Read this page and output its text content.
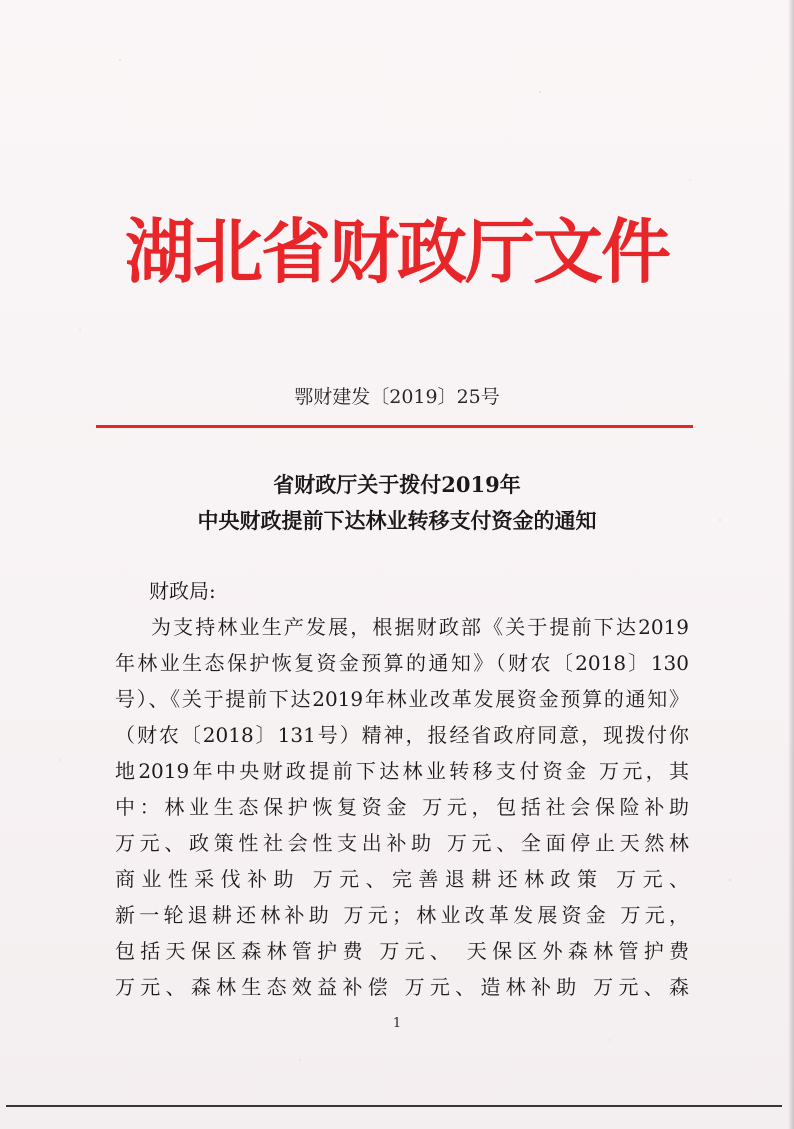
湖北省财政厅文件
鄂财建发〔2019〕25号
省财政厅关于拨付2019年
中央财政提前下达林业转移支付资金的通知
财政局:
为支持林业生产发展，根据财政部《关于提前下达2019
年林业生态保护恢复资金预算的通知》（财农〔2018〕130
号）、《关于提前下达2019年林业改革发展资金预算的通知》
（财农〔2018〕131号）精神，报经省政府同意，现拨付你
地2019年中央财政提前下达林业转移支付资金 万元，其
中：林业生态保护恢复资金 万元，包括社会保险补助
万元、政策性社会性支出补助 万元、全面停止天然林
商业性采伐补助 万元、完善退耕还林政策 万元、
新一轮退耕还林补助 万元；林业改革发展资金 万元，
包括天保区森林管护费 万元、 天保区外森林管护费
万元、森林生态效益补偿 万元、造林补助 万元、森
1
